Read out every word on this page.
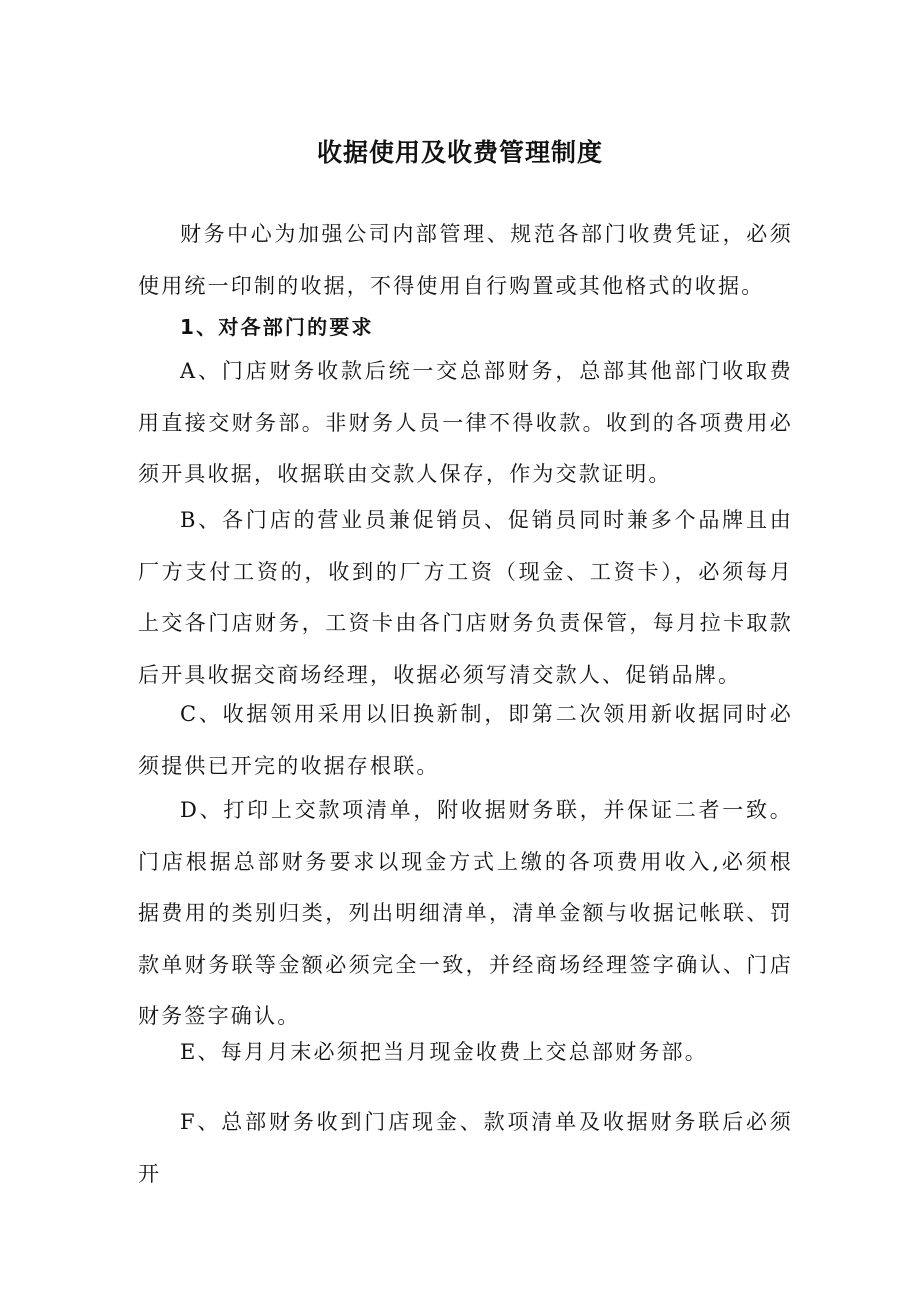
收据使用及收费管理制度

财务中心为加强公司内部管理、规范各部门收费凭证，必须使用统一印制的收据，不得使用自行购置或其他格式的收据。

1、对各部门的要求

A、门店财务收款后统一交总部财务，总部其他部门收取费用直接交财务部。非财务人员一律不得收款。收到的各项费用必须开具收据，收据联由交款人保存，作为交款证明。

B、各门店的营业员兼促销员、促销员同时兼多个品牌且由厂方支付工资的，收到的厂方工资（现金、工资卡），必须每月上交各门店财务，工资卡由各门店财务负责保管，每月拉卡取款后开具收据交商场经理，收据必须写清交款人、促销品牌。

C、收据领用采用以旧换新制，即第二次领用新收据同时必须提供已开完的收据存根联。

D、打印上交款项清单，附收据财务联，并保证二者一致。门店根据总部财务要求以现金方式上缴的各项费用收入,必须根据费用的类别归类，列出明细清单，清单金额与收据记帐联、罚款单财务联等金额必须完全一致，并经商场经理签字确认、门店财务签字确认。

E、每月月末必须把当月现金收费上交总部财务部。

F、总部财务收到门店现金、款项清单及收据财务联后必须开
